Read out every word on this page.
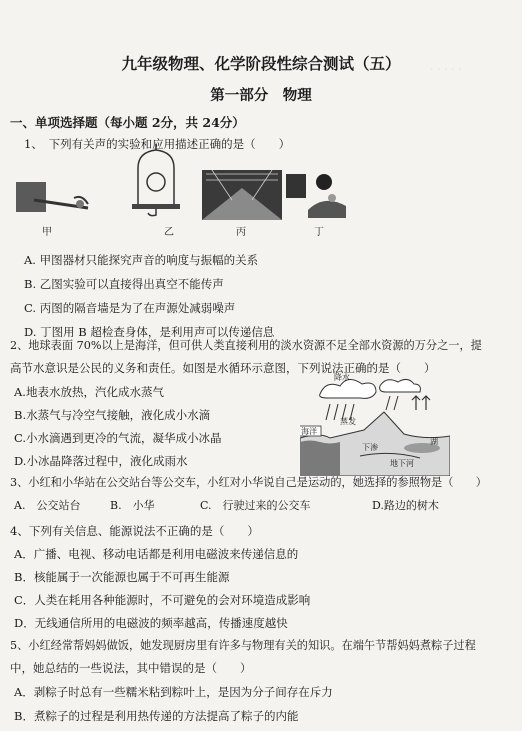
. . . . .
九年级物理、化学阶段性综合测试（五）
第一部分　物理
一、单项选择题（每小题 2分，共 24分）
1、　下列有关声的实验和应用描述正确的是（　　）
甲	乙	丙	丁
A. 甲图器材只能探究声音的响度与振幅的关系
B. 乙图实验可以直接得出真空不能传声
C. 丙图的隔音墙是为了在声源处减弱噪声
D. 丁图用 B 超检查身体，是利用声可以传递信息
2、地球表面 70%以上是海洋，但可供人类直接利用的淡水资源不足全部水资源的万分之一，提
高节水意识是公民的义务和责任。如图是水循环示意图，下列说法正确的是（　　）
A.地表水放热，汽化成水蒸气
B.水蒸气与冷空气接触，液化成小水滴
C.小水滴遇到更冷的气流，凝华成小冰晶
D.小冰晶降落过程中，液化成雨水
降水
蒸发
海洋
下渗
地下河
湖
3、小红和小华站在公交站台等公交车，小红对小华说自己是运动的，她选择的参照物是（　　）
A.　公交站台	B.　小华	C.　行驶过来的公交车	D.路边的树木
4、下列有关信息、能源说法不正确的是（　　）
A．广播、电视、移动电话都是利用电磁波来传递信息的
B．核能属于一次能源也属于不可再生能源
C．人类在耗用各种能源时，不可避免的会对环境造成影响
D．无线通信所用的电磁波的频率越高，传播速度越快
5、小红经常帮妈妈做饭，她发现厨房里有许多与物理有关的知识。在端午节帮妈妈煮粽子过程
中，她总结的一些说法，其中错误的是（　　）
A．剥粽子时总有一些糯米粘到粽叶上，是因为分子间存在斥力
B．煮粽子的过程是利用热传递的方法提高了粽子的内能
